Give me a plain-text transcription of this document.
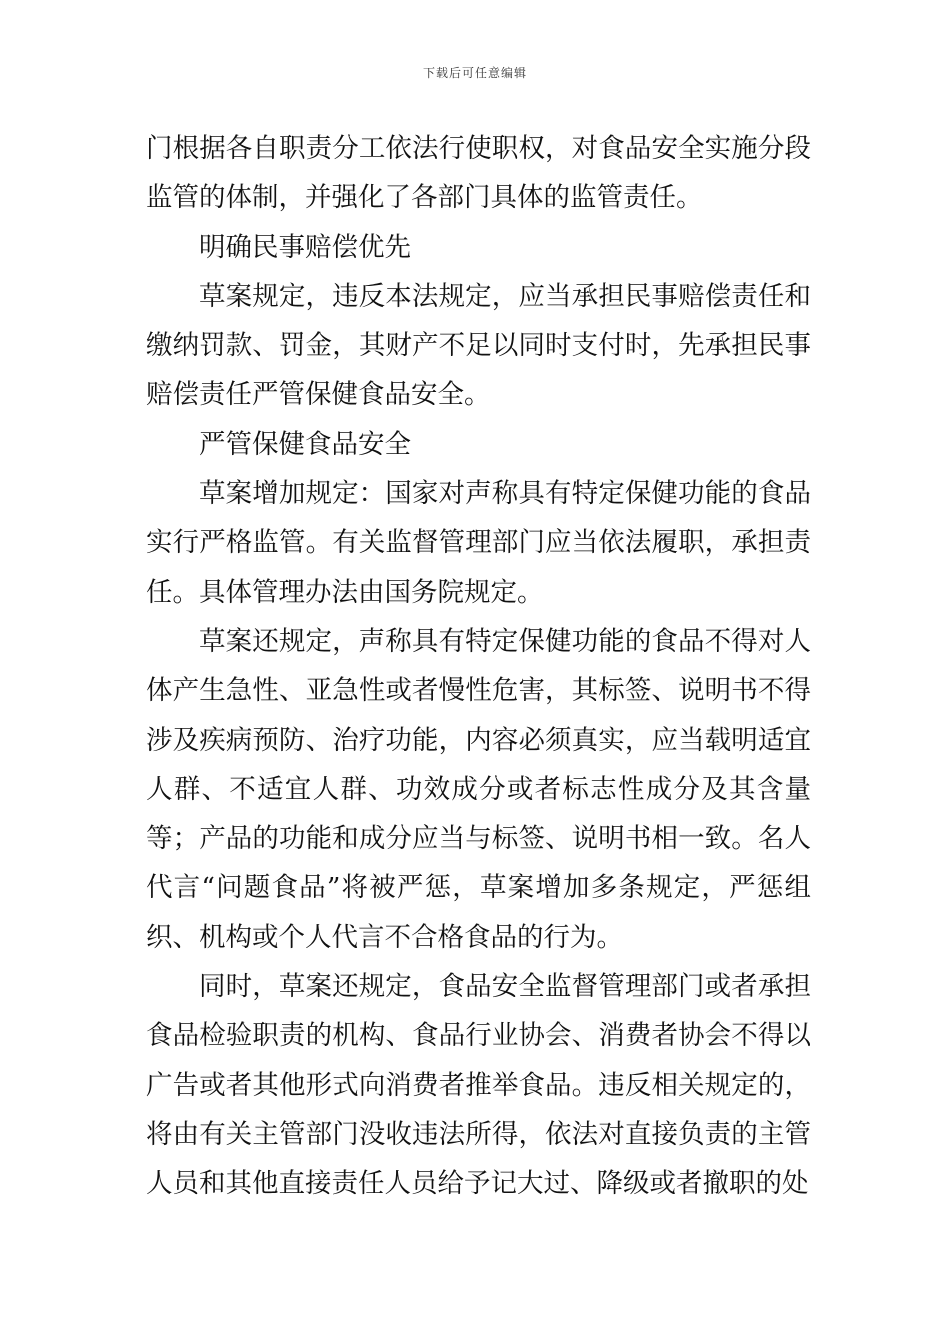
下载后可任意编辑

门根据各自职责分工依法行使职权，对食品安全实施分段监管的体制，并强化了各部门具体的监管责任。

明确民事赔偿优先

草案规定，违反本法规定，应当承担民事赔偿责任和缴纳罚款、罚金，其财产不足以同时支付时，先承担民事赔偿责任严管保健食品安全。

严管保健食品安全

草案增加规定：国家对声称具有特定保健功能的食品实行严格监管。有关监督管理部门应当依法履职，承担责任。具体管理办法由国务院规定。

草案还规定，声称具有特定保健功能的食品不得对人体产生急性、亚急性或者慢性危害，其标签、说明书不得涉及疾病预防、治疗功能，内容必须真实，应当载明适宜人群、不适宜人群、功效成分或者标志性成分及其含量等；产品的功能和成分应当与标签、说明书相一致。名人代言“问题食品”将被严惩，草案增加多条规定，严惩组织、机构或个人代言不合格食品的行为。

同时，草案还规定，食品安全监督管理部门或者承担食品检验职责的机构、食品行业协会、消费者协会不得以广告或者其他形式向消费者推举食品。违反相关规定的，将由有关主管部门没收违法所得，依法对直接负责的主管人员和其他直接责任人员给予记大过、降级或者撤职的处
